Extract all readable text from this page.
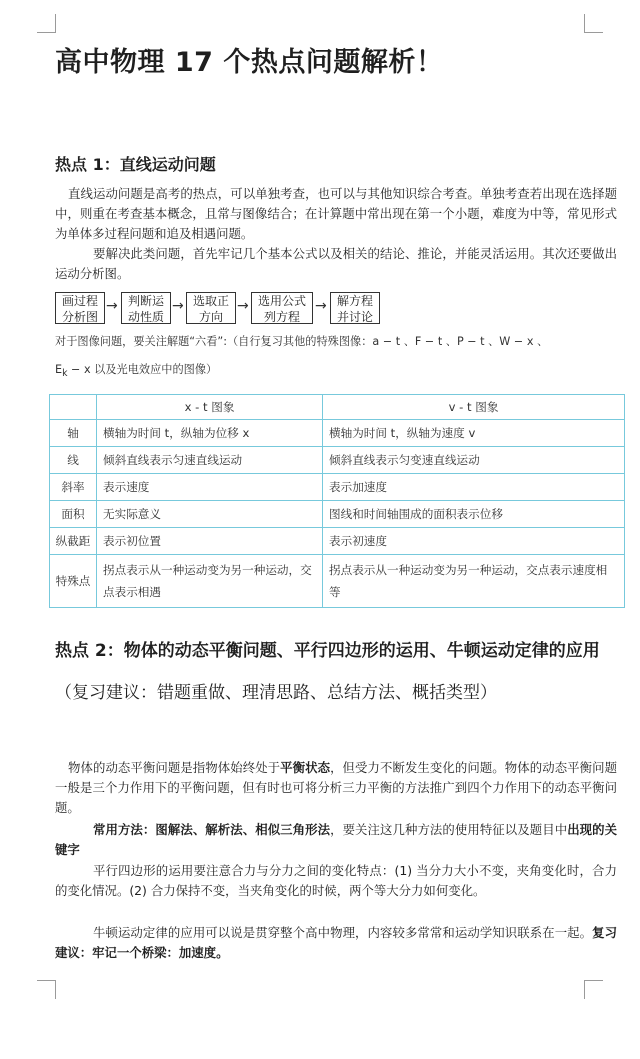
高中物理 17 个热点问题解析！
热点 1：直线运动问题
直线运动问题是高考的热点，可以单独考查，也可以与其他知识综合考查。单独考查若出现在选择题中，则重在考查基本概念，且常与图像结合；在计算题中常出现在第一个小题，难度为中等，常见形式为单体多过程问题和追及相遇问题。
要解决此类问题，首先牢记几个基本公式以及相关的结论、推论，并能灵活运用。其次还要做出运动分析图。
画过程
分析图
→ 判断运
动性质
→ 选取正
方向
→ 选用公式
列方程
→ 解方程
并讨论
对于图像问题，要关注解题“六看”:（自行复习其他的特殊图像：a − t 、F − t 、P − t 、W − x 、
$E_k - x$ 以及光电效应中的图像）
	x - t 图象	v - t 图象
轴	横轴为时间 t，纵轴为位移 x	横轴为时间 t，纵轴为速度 v
线	倾斜直线表示匀速直线运动	倾斜直线表示匀变速直线运动
斜率	表示速度	表示加速度
面积	无实际意义	图线和时间轴围成的面积表示位移
纵截距	表示初位置	表示初速度
特殊点	拐点表示从一种运动变为另一种运动，交点表示相遇	拐点表示从一种运动变为另一种运动，交点表示速度相等
热点 2：物体的动态平衡问题、平行四边形的运用、牛顿运动定律的应用（复习建议：错题重做、理清思路、总结方法、概括类型）
物体的动态平衡问题是指物体始终处于平衡状态，但受力不断发生变化的问题。物体的动态平衡问题一般是三个力作用下的平衡问题，但有时也可将分析三力平衡的方法推广到四个力作用下的动态平衡问题。
常用方法：图解法、解析法、相似三角形法，要关注这几种方法的使用特征以及题目中出现的关键字
平行四边形的运用要注意合力与分力之间的变化特点：(1) 当分力大小不变，夹角变化时，合力的变化情况。(2) 合力保持不变，当夹角变化的时候，两个等大分力如何变化。
牛顿运动定律的应用可以说是贯穿整个高中物理，内容较多常常和运动学知识联系在一起。复习建议：牢记一个桥梁：加速度。
